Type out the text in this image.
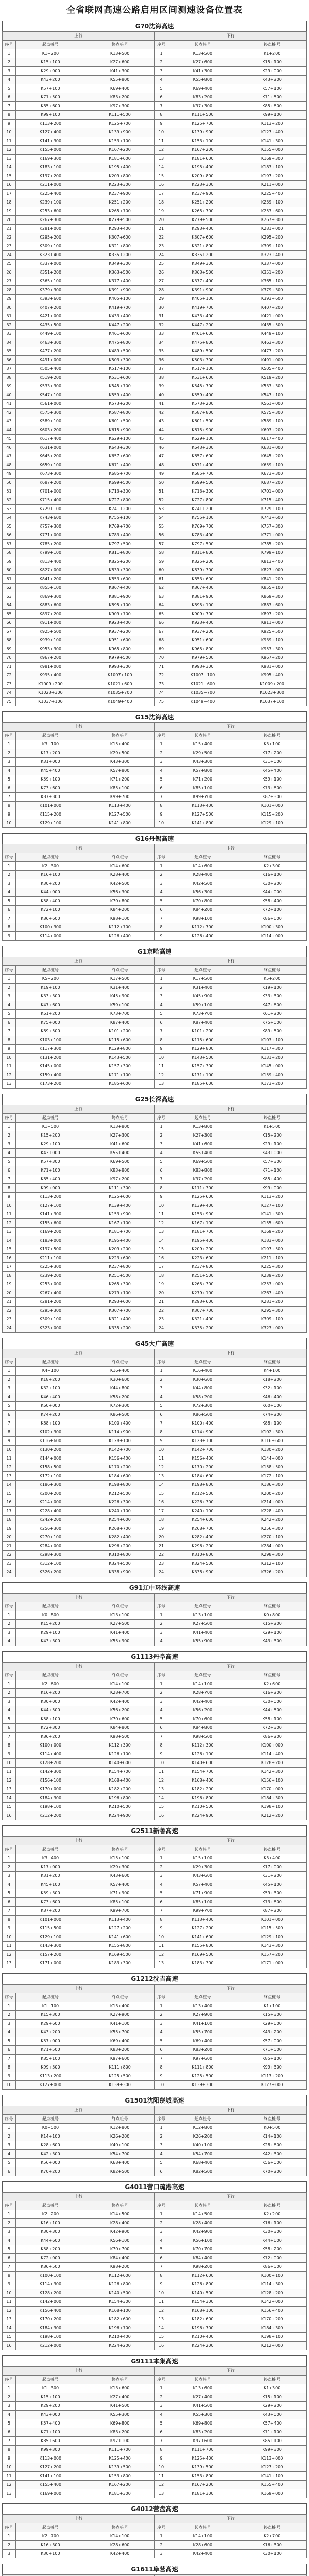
全省联网高速公路启用区间测速设备位置表
G70沈海高速
上行			下行		
序号	起点桩号	终点桩号	序号	起点桩号	终点桩号
1	K1+200	K13+500	1	K13+500	K1+200
2	K15+100	K27+600	2	K27+600	K15+100
3	K29+000	K41+300	3	K41+300	K29+000
4	K43+200	K55+800	4	K55+800	K43+200
5	K57+100	K69+400	5	K69+400	K57+100
6	K71+500	K83+200	6	K83+200	K71+500
7	K85+600	K97+300	7	K97+300	K85+600
8	K99+100	K111+500	8	K111+500	K99+100
9	K113+200	K125+700	9	K125+700	K113+200
10	K127+400	K139+900	10	K139+900	K127+400
11	K141+300	K153+100	11	K153+100	K141+300
12	K155+000	K167+200	12	K167+200	K155+000
13	K169+300	K181+600	13	K181+600	K169+300
14	K183+100	K195+400	14	K195+400	K183+100
15	K197+200	K209+800	15	K209+800	K197+200
16	K211+000	K223+300	16	K223+300	K211+000
17	K225+400	K237+900	17	K237+900	K225+400
18	K239+100	K251+200	18	K251+200	K239+100
19	K253+600	K265+700	19	K265+700	K253+600
20	K267+300	K279+500	20	K279+500	K267+300
21	K281+000	K293+400	21	K293+400	K281+000
22	K295+200	K307+600	22	K307+600	K295+200
23	K309+100	K321+800	23	K321+800	K309+100
24	K323+400	K335+200	24	K335+200	K323+400
25	K337+000	K349+300	25	K349+300	K337+000
26	K351+200	K363+500	26	K363+500	K351+200
27	K365+100	K377+400	27	K377+400	K365+100
28	K379+300	K391+900	28	K391+900	K379+300
29	K393+600	K405+100	29	K405+100	K393+600
30	K407+200	K419+700	30	K419+700	K407+200
31	K421+000	K433+400	31	K433+400	K421+000
32	K435+500	K447+200	32	K447+200	K435+500
33	K449+100	K461+600	33	K461+600	K449+100
34	K463+300	K475+800	34	K475+800	K463+300
35	K477+200	K489+500	35	K489+500	K477+200
36	K491+000	K503+300	36	K503+300	K491+000
37	K505+400	K517+100	37	K517+100	K505+400
38	K519+200	K531+600	38	K531+600	K519+200
39	K533+300	K545+700	39	K545+700	K533+300
40	K547+100	K559+400	40	K559+400	K547+100
41	K561+000	K573+200	41	K573+200	K561+000
42	K575+300	K587+800	42	K587+800	K575+300
43	K589+100	K601+500	43	K601+500	K589+100
44	K603+200	K615+900	44	K615+900	K603+200
45	K617+400	K629+100	45	K629+100	K617+400
46	K631+000	K643+300	46	K643+300	K631+000
47	K645+200	K657+600	47	K657+600	K645+200
48	K659+100	K671+400	48	K671+400	K659+100
49	K673+300	K685+700	49	K685+700	K673+300
50	K687+200	K699+500	50	K699+500	K687+200
51	K701+000	K713+300	51	K713+300	K701+000
52	K715+400	K727+800	52	K727+800	K715+400
53	K729+100	K741+200	53	K741+200	K729+100
54	K743+600	K755+100	54	K755+100	K743+600
55	K757+300	K769+700	55	K769+700	K757+300
56	K771+000	K783+400	56	K783+400	K771+000
57	K785+200	K797+500	57	K797+500	K785+200
58	K799+100	K811+800	58	K811+800	K799+100
59	K813+400	K825+200	59	K825+200	K813+400
60	K827+000	K839+300	60	K839+300	K827+000
61	K841+200	K853+600	61	K853+600	K841+200
62	K855+100	K867+400	62	K867+400	K855+100
63	K869+300	K881+900	63	K881+900	K869+300
64	K883+600	K895+100	64	K895+100	K883+600
65	K897+200	K909+700	65	K909+700	K897+200
66	K911+000	K923+400	66	K923+400	K911+000
67	K925+500	K937+200	67	K937+200	K925+500
68	K939+100	K951+600	68	K951+600	K939+100
69	K953+300	K965+800	69	K965+800	K953+300
70	K967+200	K979+500	70	K979+500	K967+200
71	K981+000	K993+300	71	K993+300	K981+000
72	K995+400	K1007+100	72	K1007+100	K995+400
73	K1009+200	K1021+600	73	K1021+600	K1009+200
74	K1023+300	K1035+700	74	K1035+700	K1023+300
75	K1037+100	K1049+400	75	K1049+400	K1037+100
G15沈海高速
上行			下行		
序号	起点桩号	终点桩号	序号	起点桩号	终点桩号
1	K3+100	K15+400	1	K15+400	K3+100
2	K17+200	K29+500	2	K29+500	K17+200
3	K31+000	K43+300	3	K43+300	K31+000
4	K45+400	K57+800	4	K57+800	K45+400
5	K59+100	K71+200	5	K71+200	K59+100
6	K73+600	K85+100	6	K85+100	K73+600
7	K87+300	K99+700	7	K99+700	K87+300
8	K101+000	K113+400	8	K113+400	K101+000
9	K115+200	K127+500	9	K127+500	K115+200
10	K129+100	K141+800	10	K141+800	K129+100
G16丹锡高速
上行			下行		
序号	起点桩号	终点桩号	序号	起点桩号	终点桩号
1	K2+300	K14+600	1	K14+600	K2+300
2	K16+100	K28+400	2	K28+400	K16+100
3	K30+200	K42+500	3	K42+500	K30+200
4	K44+000	K56+300	4	K56+300	K44+000
5	K58+400	K70+800	5	K70+800	K58+400
6	K72+100	K84+200	6	K84+200	K72+100
7	K86+600	K98+100	7	K98+100	K86+600
8	K100+300	K112+700	8	K112+700	K100+300
9	K114+000	K126+400	9	K126+400	K114+000
G1京哈高速
上行			下行		
序号	起点桩号	终点桩号	序号	起点桩号	终点桩号
1	K5+200	K17+500	1	K17+500	K5+200
2	K19+100	K31+400	2	K31+400	K19+100
3	K33+300	K45+900	3	K45+900	K33+300
4	K47+600	K59+100	4	K59+100	K47+600
5	K61+200	K73+700	5	K73+700	K61+200
6	K75+000	K87+400	6	K87+400	K75+000
7	K89+500	K101+200	7	K101+200	K89+500
8	K103+100	K115+600	8	K115+600	K103+100
9	K117+300	K129+800	9	K129+800	K117+300
10	K131+200	K143+500	10	K143+500	K131+200
11	K145+000	K157+300	11	K157+300	K145+000
12	K159+400	K171+100	12	K171+100	K159+400
13	K173+200	K185+600	13	K185+600	K173+200
G25长深高速
上行			下行		
序号	起点桩号	终点桩号	序号	起点桩号	终点桩号
1	K1+500	K13+800	1	K13+800	K1+500
2	K15+200	K27+300	2	K27+300	K15+200
3	K29+100	K41+600	3	K41+600	K29+100
4	K43+000	K55+400	4	K55+400	K43+000
5	K57+300	K69+500	5	K69+500	K57+300
6	K71+100	K83+800	6	K83+800	K71+100
7	K85+400	K97+200	7	K97+200	K85+400
8	K99+000	K111+300	8	K111+300	K99+000
9	K113+200	K125+600	9	K125+600	K113+200
10	K127+100	K139+400	10	K139+400	K127+100
11	K141+300	K153+900	11	K153+900	K141+300
12	K155+600	K167+100	12	K167+100	K155+600
13	K169+200	K181+700	13	K181+700	K169+200
14	K183+000	K195+400	14	K195+400	K183+000
15	K197+500	K209+200	15	K209+200	K197+500
16	K211+100	K223+600	16	K223+600	K211+100
17	K225+300	K237+800	17	K237+800	K225+300
18	K239+200	K251+500	18	K251+500	K239+200
19	K253+000	K265+300	19	K265+300	K253+000
20	K267+400	K279+100	20	K279+100	K267+400
21	K281+200	K293+600	21	K293+600	K281+200
22	K295+300	K307+700	22	K307+700	K295+300
23	K309+100	K321+400	23	K321+400	K309+100
24	K323+000	K335+200	24	K335+200	K323+000
G45大广高速
上行			下行		
序号	起点桩号	终点桩号	序号	起点桩号	终点桩号
1	K4+100	K16+400	1	K16+400	K4+100
2	K18+200	K30+600	2	K30+600	K18+200
3	K32+100	K44+800	3	K44+800	K32+100
4	K46+400	K58+200	4	K58+200	K46+400
5	K60+000	K72+300	5	K72+300	K60+000
6	K74+200	K86+500	6	K86+500	K74+200
7	K88+100	K100+400	7	K100+400	K88+100
8	K102+300	K114+900	8	K114+900	K102+300
9	K116+600	K128+100	9	K128+100	K116+600
10	K130+200	K142+700	10	K142+700	K130+200
11	K144+000	K156+400	11	K156+400	K144+000
12	K158+500	K170+200	12	K170+200	K158+500
13	K172+100	K184+600	13	K184+600	K172+100
14	K186+300	K198+800	14	K198+800	K186+300
15	K200+200	K212+500	15	K212+500	K200+200
16	K214+000	K226+300	16	K226+300	K214+000
17	K228+400	K240+100	17	K240+100	K228+400
18	K242+200	K254+600	18	K254+600	K242+200
19	K256+300	K268+700	19	K268+700	K256+300
20	K270+100	K282+400	20	K282+400	K270+100
21	K284+000	K296+200	21	K296+200	K284+000
22	K298+300	K310+800	22	K310+800	K298+300
23	K312+100	K324+500	23	K324+500	K312+100
24	K326+200	K338+900	24	K338+900	K326+200
G91辽中环线高速
上行			下行		
序号	起点桩号	终点桩号	序号	起点桩号	终点桩号
1	K0+800	K13+100	1	K13+100	K0+800
2	K15+200	K27+500	2	K27+500	K15+200
3	K29+100	K41+400	3	K41+400	K29+100
4	K43+300	K55+900	4	K55+900	K43+300
G1113丹阜高速
上行			下行		
序号	起点桩号	终点桩号	序号	起点桩号	终点桩号
1	K2+600	K14+100	1	K14+100	K2+600
2	K16+200	K28+700	2	K28+700	K16+200
3	K30+000	K42+400	3	K42+400	K30+000
4	K44+500	K56+200	4	K56+200	K44+500
5	K58+100	K70+600	5	K70+600	K58+100
6	K72+300	K84+800	6	K84+800	K72+300
7	K86+200	K98+500	7	K98+500	K86+200
8	K100+000	K112+300	8	K112+300	K100+000
9	K114+400	K126+100	9	K126+100	K114+400
10	K128+200	K140+600	10	K140+600	K128+200
11	K142+300	K154+700	11	K154+700	K142+300
12	K156+100	K168+400	12	K168+400	K156+100
13	K170+000	K182+200	13	K182+200	K170+000
14	K184+300	K196+800	14	K196+800	K184+300
15	K198+100	K210+500	15	K210+500	K198+100
16	K212+200	K224+900	16	K224+900	K212+200
G2511新鲁高速
上行			下行		
序号	起点桩号	终点桩号	序号	起点桩号	终点桩号
1	K3+400	K15+100	1	K15+100	K3+400
2	K17+000	K29+300	2	K29+300	K17+000
3	K31+200	K43+600	3	K43+600	K31+200
4	K45+100	K57+400	4	K57+400	K45+100
5	K59+300	K71+900	5	K71+900	K59+300
6	K73+600	K85+100	6	K85+100	K73+600
7	K87+200	K99+700	7	K99+700	K87+200
8	K101+000	K113+400	8	K113+400	K101+000
9	K115+500	K127+200	9	K127+200	K115+500
10	K129+100	K141+600	10	K141+600	K129+100
11	K143+300	K155+800	11	K155+800	K143+300
12	K157+200	K169+500	12	K169+500	K157+200
13	K171+000	K183+300	13	K183+300	K171+000
G1212沈吉高速
上行			下行		
序号	起点桩号	终点桩号	序号	起点桩号	终点桩号
1	K1+100	K13+400	1	K13+400	K1+100
2	K15+300	K27+900	2	K27+900	K15+300
3	K29+600	K41+100	3	K41+100	K29+600
4	K43+200	K55+700	4	K55+700	K43+200
5	K57+000	K69+400	5	K69+400	K57+000
6	K71+500	K83+200	6	K83+200	K71+500
7	K85+100	K97+600	7	K97+600	K85+100
8	K99+300	K111+800	8	K111+800	K99+300
9	K113+200	K125+500	9	K125+500	K113+200
10	K127+000	K139+300	10	K139+300	K127+000
G1501沈阳绕城高速
上行			下行		
序号	起点桩号	终点桩号	序号	起点桩号	终点桩号
1	K0+500	K12+800	1	K12+800	K0+500
2	K14+100	K26+200	2	K26+200	K14+100
3	K28+600	K40+100	3	K40+100	K28+600
4	K42+300	K54+700	4	K54+700	K42+300
5	K56+000	K68+400	5	K68+400	K56+000
6	K70+200	K82+500	6	K82+500	K70+200
G4011营口疏港高速
上行			下行		
序号	起点桩号	终点桩号	序号	起点桩号	终点桩号
1	K2+200	K14+500	1	K14+500	K2+200
2	K16+100	K28+400	2	K28+400	K16+100
3	K30+300	K42+900	3	K42+900	K30+300
4	K44+600	K56+100	4	K56+100	K44+600
5	K58+200	K70+700	5	K70+700	K58+200
6	K72+000	K84+400	6	K84+400	K72+000
7	K86+500	K98+200	7	K98+200	K86+500
8	K100+100	K112+600	8	K112+600	K100+100
9	K114+300	K126+800	9	K126+800	K114+300
10	K128+200	K140+500	10	K140+500	K128+200
11	K142+000	K154+300	11	K154+300	K142+000
12	K156+400	K168+100	12	K168+100	K156+400
13	K170+200	K182+600	13	K182+600	K170+200
14	K184+300	K196+700	14	K196+700	K184+300
15	K198+100	K210+400	15	K210+400	K198+100
16	K212+000	K224+200	16	K224+200	K212+000
G9111本集高速
上行			下行		
序号	起点桩号	终点桩号	序号	起点桩号	终点桩号
1	K1+300	K13+600	1	K13+600	K1+300
2	K15+100	K27+400	2	K27+400	K15+100
3	K29+200	K41+500	3	K41+500	K29+200
4	K43+000	K55+300	4	K55+300	K43+000
5	K57+400	K69+800	5	K69+800	K57+400
6	K71+100	K83+200	6	K83+200	K71+100
7	K85+600	K97+100	7	K97+600	K85+100
8	K99+300	K111+700	8	K111+700	K99+300
9	K113+000	K125+400	9	K125+400	K113+000
10	K127+200	K139+500	10	K139+500	K127+200
11	K141+100	K153+800	11	K153+800	K141+100
12	K155+400	K167+200	12	K167+200	K155+400
13	K169+000	K181+300	13	K181+300	K169+000
G4012营盘高速
上行			下行		
序号	起点桩号	终点桩号	序号	起点桩号	终点桩号
1	K2+700	K14+100	1	K14+100	K2+700
2	K16+300	K28+600	2	K28+600	K16+300
3	K30+100	K42+400	3	K42+400	K30+100
G1611阜营高速
